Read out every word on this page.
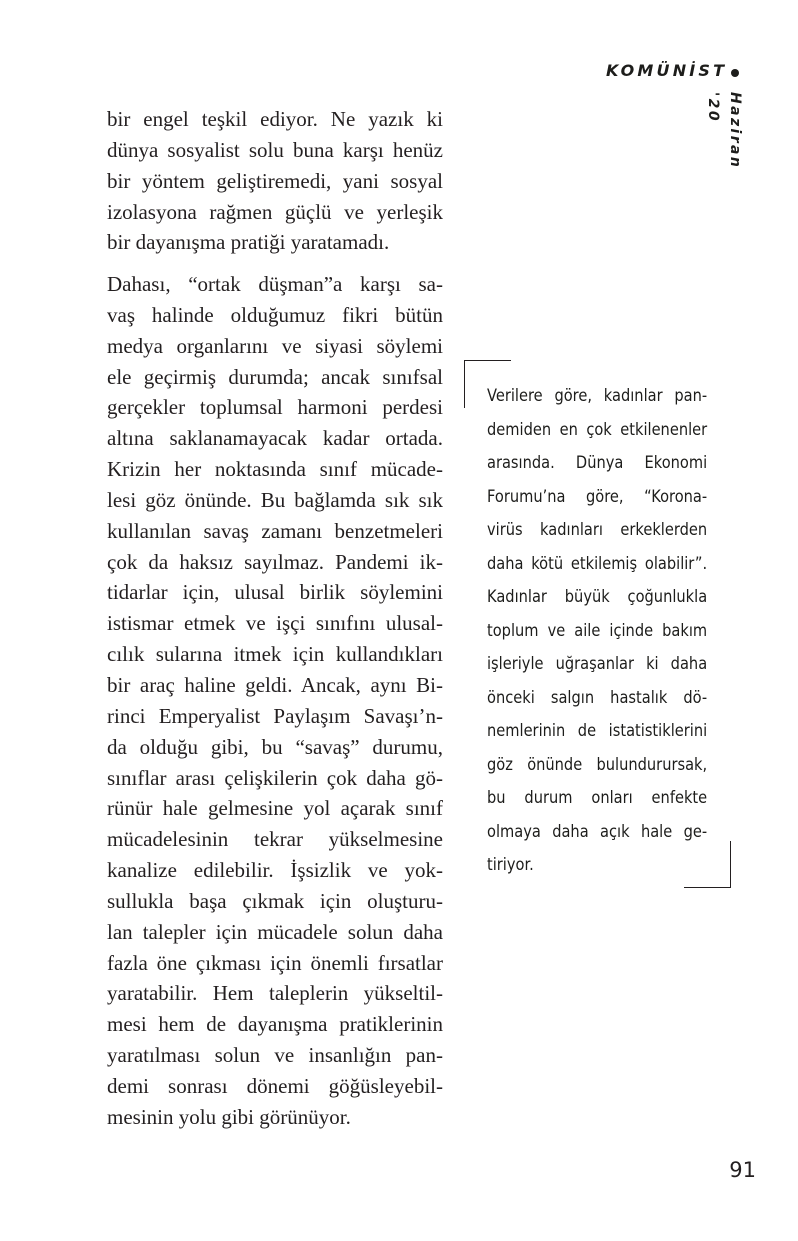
KOMÜNİST
Haziran '20
bir engel teşkil ediyor. Ne yazık ki
dünya sosyalist solu buna karşı henüz
bir yöntem geliştiremedi, yani sosyal
izolasyona rağmen güçlü ve yerleşik
bir dayanışma pratiği yaratamadı.
Dahası, “ortak düşman”a karşı sa-
vaş halinde olduğumuz fikri bütün
medya organlarını ve siyasi söylemi
ele geçirmiş durumda; ancak sınıfsal
gerçekler toplumsal harmoni perdesi
altına saklanamayacak kadar ortada.
Krizin her noktasında sınıf mücade-
lesi göz önünde. Bu bağlamda sık sık
kullanılan savaş zamanı benzetmeleri
çok da haksız sayılmaz. Pandemi ik-
tidarlar için, ulusal birlik söylemini
istismar etmek ve işçi sınıfını ulusal-
cılık sularına itmek için kullandıkları
bir araç haline geldi. Ancak, aynı Bi-
rinci Emperyalist Paylaşım Savaşı’n-
da olduğu gibi, bu “savaş” durumu,
sınıflar arası çelişkilerin çok daha gö-
rünür hale gelmesine yol açarak sınıf
mücadelesinin tekrar yükselmesine
kanalize edilebilir. İşsizlik ve yok-
sullukla başa çıkmak için oluşturu-
lan talepler için mücadele solun daha
fazla öne çıkması için önemli fırsatlar
yaratabilir. Hem taleplerin yükseltil-
mesi hem de dayanışma pratiklerinin
yaratılması solun ve insanlığın pan-
demi sonrası dönemi göğüsleyebil-
mesinin yolu gibi görünüyor.
Verilere göre, kadınlar pan-
demiden en çok etkilenenler
arasında. Dünya Ekonomi
Forumu’na göre, “Korona-
virüs kadınları erkeklerden
daha kötü etkilemiş olabilir”.
Kadınlar büyük çoğunlukla
toplum ve aile içinde bakım
işleriyle uğraşanlar ki daha
önceki salgın hastalık dö-
nemlerinin de istatistiklerini
göz önünde bulundurursak,
bu durum onları enfekte
olmaya daha açık hale ge-
tiriyor.
91
